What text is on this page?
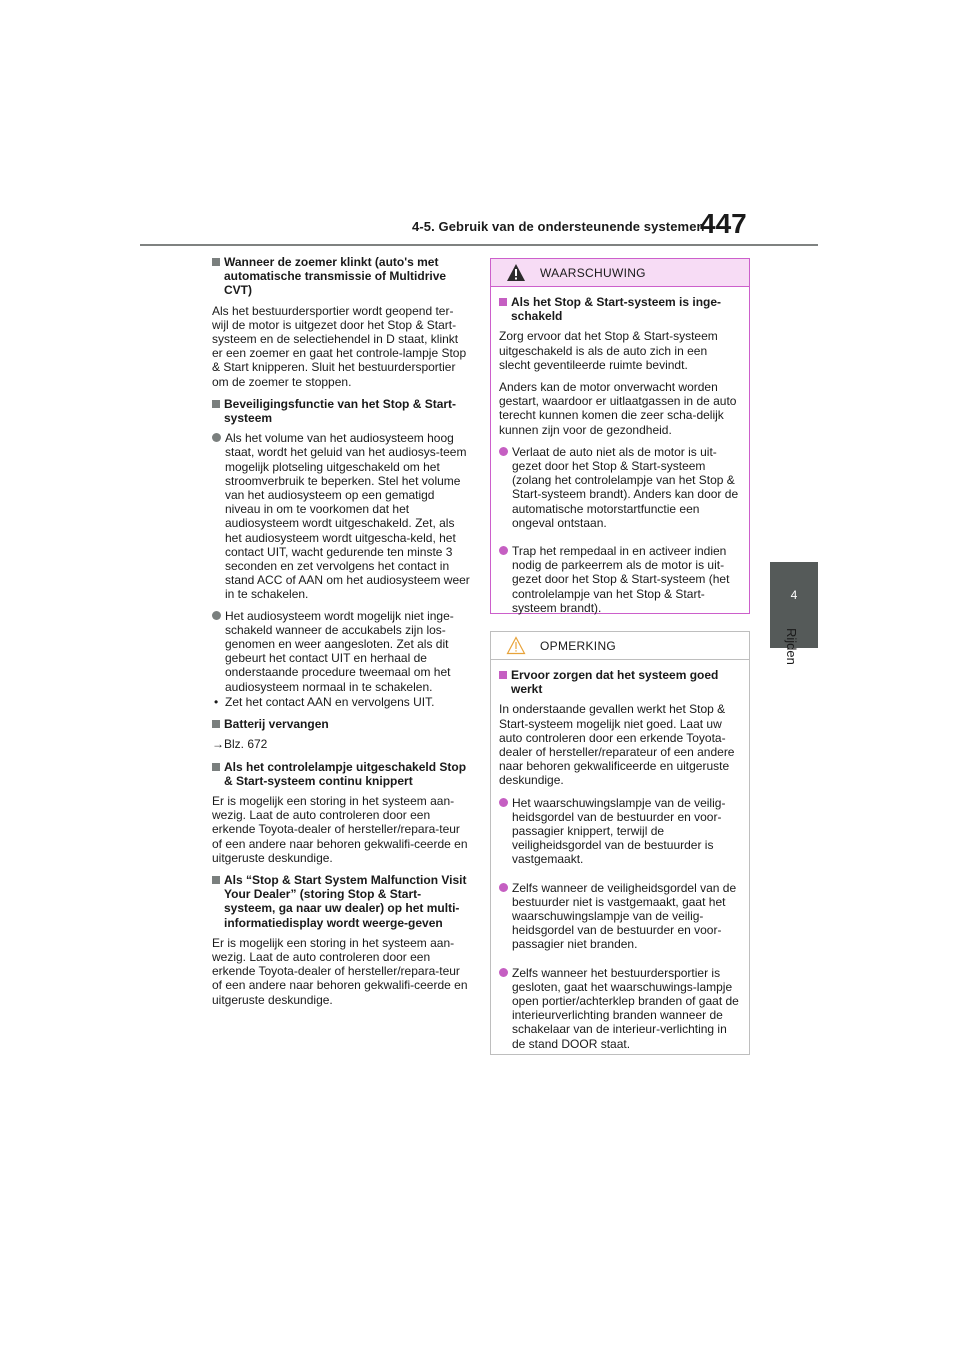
4-5. Gebruik van de ondersteunende systemen
447
4
Rijden
Wanneer de zoemer klinkt (auto's met automatische transmissie of Multidrive CVT)

Als het bestuurdersportier wordt geopend ter-wijl de motor is uitgezet door het Stop & Start-systeem en de selectiehendel in D staat, klinkt er een zoemer en gaat het controle-lampje Stop & Start knipperen. Sluit het bestuurdersportier om de zoemer te stoppen.

Beveiligingsfunctie van het Stop & Start-systeem
Als het volume van het audiosysteem hoog staat, wordt het geluid van het audiosys-teem mogelijk plotseling uitgeschakeld om het stroomverbruik te beperken. Stel het volume van het audiosysteem op een gematigd niveau in om te voorkomen dat het audiosysteem wordt uitgeschakeld. Zet, als het audiosysteem wordt uitgescha-keld, het contact UIT, wacht gedurende ten minste 3 seconden en zet vervolgens het contact in stand ACC of AAN om het audiosysteem weer in te schakelen.
Het audiosysteem wordt mogelijk niet inge-schakeld wanneer de accukabels zijn los-genomen en weer aangesloten. Zet als dit gebeurt het contact UIT en herhaal de onderstaande procedure tweemaal om het audiosysteem normaal in te schakelen.
• Zet het contact AAN en vervolgens UIT.
Batterij vervangen

→Blz. 672

Als het controlelampje uitgeschakeld Stop & Start-systeem continu knippert

Er is mogelijk een storing in het systeem aan-wezig. Laat de auto controleren door een erkende Toyota-dealer of hersteller/repara-teur of een andere naar behoren gekwalifi-ceerde en uitgeruste deskundige.

Als “Stop & Start System Malfunction Visit Your Dealer” (storing Stop & Start-systeem, ga naar uw dealer) op het multi-informatiedisplay wordt weerge-geven

Er is mogelijk een storing in het systeem aan-wezig. Laat de auto controleren door een erkende Toyota-dealer of hersteller/repara-teur of een andere naar behoren gekwalifi-ceerde en uitgeruste deskundige.

WAARSCHUWING
Als het Stop & Start-systeem is inge-schakeld

Zorg ervoor dat het Stop & Start-systeem uitgeschakeld is als de auto zich in een slecht geventileerde ruimte bevindt.

Anders kan de motor onverwacht worden gestart, waardoor er uitlaatgassen in de auto terecht kunnen komen die zeer scha-delijk kunnen zijn voor de gezondheid.

Verlaat de auto niet als de motor is uit-gezet door het Stop & Start-systeem (zolang het controlelampje van het Stop & Start-systeem brandt). Anders kan door de automatische motorstartfunctie een ongeval ontstaan.
Trap het rempedaal in en activeer indien nodig de parkeerrem als de motor is uit-gezet door het Stop & Start-systeem (het controlelampje van het Stop & Start-systeem brandt).
OPMERKING
Ervoor zorgen dat het systeem goed werkt

In onderstaande gevallen werkt het Stop & Start-systeem mogelijk niet goed. Laat uw auto controleren door een erkende Toyota-dealer of hersteller/reparateur of een andere naar behoren gekwalificeerde en uitgeruste deskundige.

Het waarschuwingslampje van de veilig-heidsgordel van de bestuurder en voor-passagier knippert, terwijl de veiligheidsgordel van de bestuurder is vastgemaakt.
Zelfs wanneer de veiligheidsgordel van de bestuurder niet is vastgemaakt, gaat het waarschuwingslampje van de veilig-heidsgordel van de bestuurder en voor-passagier niet branden.
Zelfs wanneer het bestuurdersportier is gesloten, gaat het waarschuwings-lampje open portier/achterklep branden of gaat de interieurverlichting branden wanneer de schakelaar van de interieur-verlichting in de stand DOOR staat.
